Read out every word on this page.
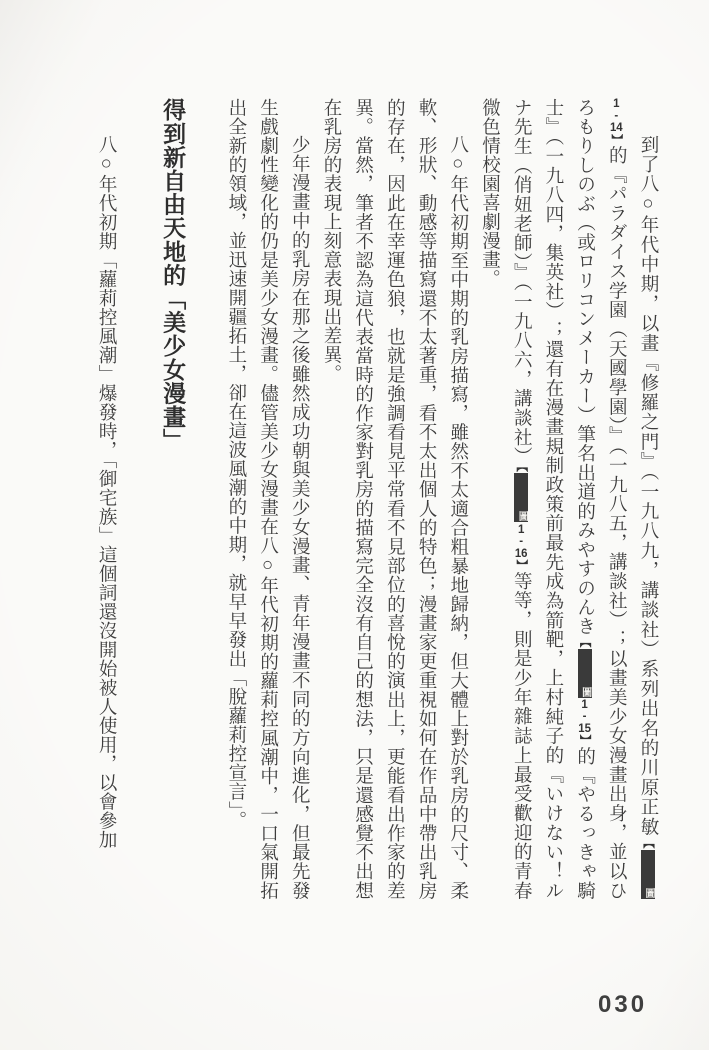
到了八○年代中期，以畫『修羅之門』（一九八九，講談社）系列出名的川原正敏【圖1-14】的『パラダイス学園（天國學園）』（一九八五，講談社）；以畫美少女漫畫出身，並以ひろもりしのぶ（或ロリコンメーカー）筆名出道的みやすのんき【圖1-15】的『やるっきゃ騎士』（一九八四，集英社）；還有在漫畫規制政策前最先成為箭靶，上村純子的『いけない！ルナ先生（俏妞老師）』（一九八六，講談社）【圖1-16】等等，則是少年雜誌上最受歡迎的青春微色情校園喜劇漫畫。

八○年代初期至中期的乳房描寫，雖然不太適合粗暴地歸納，但大體上對於乳房的尺寸、柔軟、形狀、動感等描寫還不太著重，看不太出個人的特色；漫畫家更重視如何在作品中帶出乳房的存在，因此在幸運色狼，也就是強調看見平常看不見部位的喜悅的演出上，更能看出作家的差異。當然，筆者不認為這代表當時的作家對乳房的描寫完全沒有自己的想法，只是還感覺不出想在乳房的表現上刻意表現出差異。

少年漫畫中的乳房在那之後雖然成功朝與美少女漫畫、青年漫畫不同的方向進化，但最先發生戲劇性變化的仍是美少女漫畫。儘管美少女漫畫在八○年代初期的蘿莉控風潮中，一口氣開拓出全新的領域，並迅速開疆拓土，卻在這波風潮的中期，就早早發出「脫蘿莉控宣言」。

得到新自由天地的「美少女漫畫」

八○年代初期「蘿莉控風潮」爆發時，「御宅族」這個詞還沒開始被人使用，以會參加

030
